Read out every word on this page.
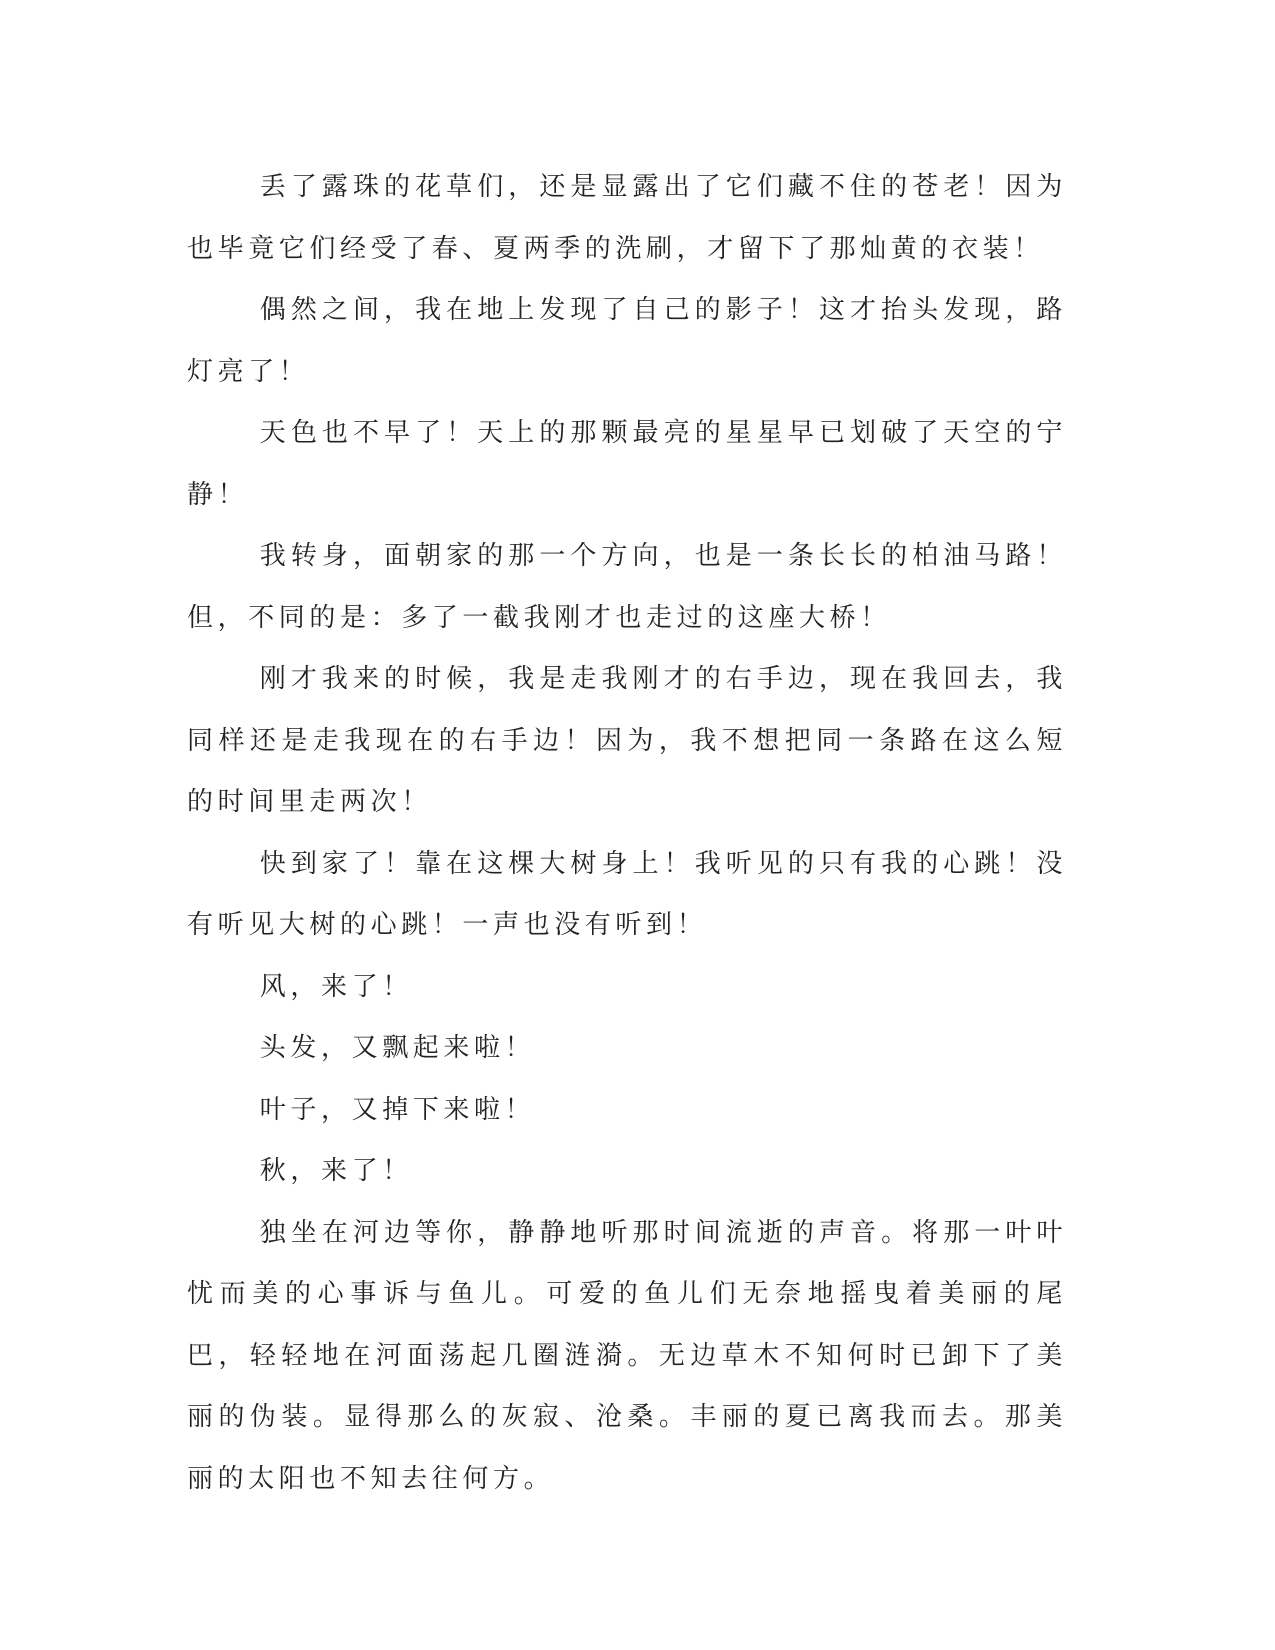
丢了露珠的花草们，还是显露出了它们藏不住的苍老！因为也毕竟它们经受了春、夏两季的洗刷，才留下了那灿黄的衣装！

偶然之间，我在地上发现了自己的影子！这才抬头发现，路灯亮了！

天色也不早了！天上的那颗最亮的星星早已划破了天空的宁静！

我转身，面朝家的那一个方向，也是一条长长的柏油马路！但，不同的是：多了一截我刚才也走过的这座大桥！

刚才我来的时候，我是走我刚才的右手边，现在我回去，我同样还是走我现在的右手边！因为，我不想把同一条路在这么短的时间里走两次！

快到家了！靠在这棵大树身上！我听见的只有我的心跳！没有听见大树的心跳！一声也没有听到！

风，来了！

头发，又飘起来啦！

叶子，又掉下来啦！

秋，来了！

独坐在河边等你，静静地听那时间流逝的声音。将那一叶叶忧而美的心事诉与鱼儿。可爱的鱼儿们无奈地摇曳着美丽的尾巴，轻轻地在河面荡起几圈涟漪。无边草木不知何时已卸下了美丽的伪装。显得那么的灰寂、沧桑。丰丽的夏已离我而去。那美丽的太阳也不知去往何方。
